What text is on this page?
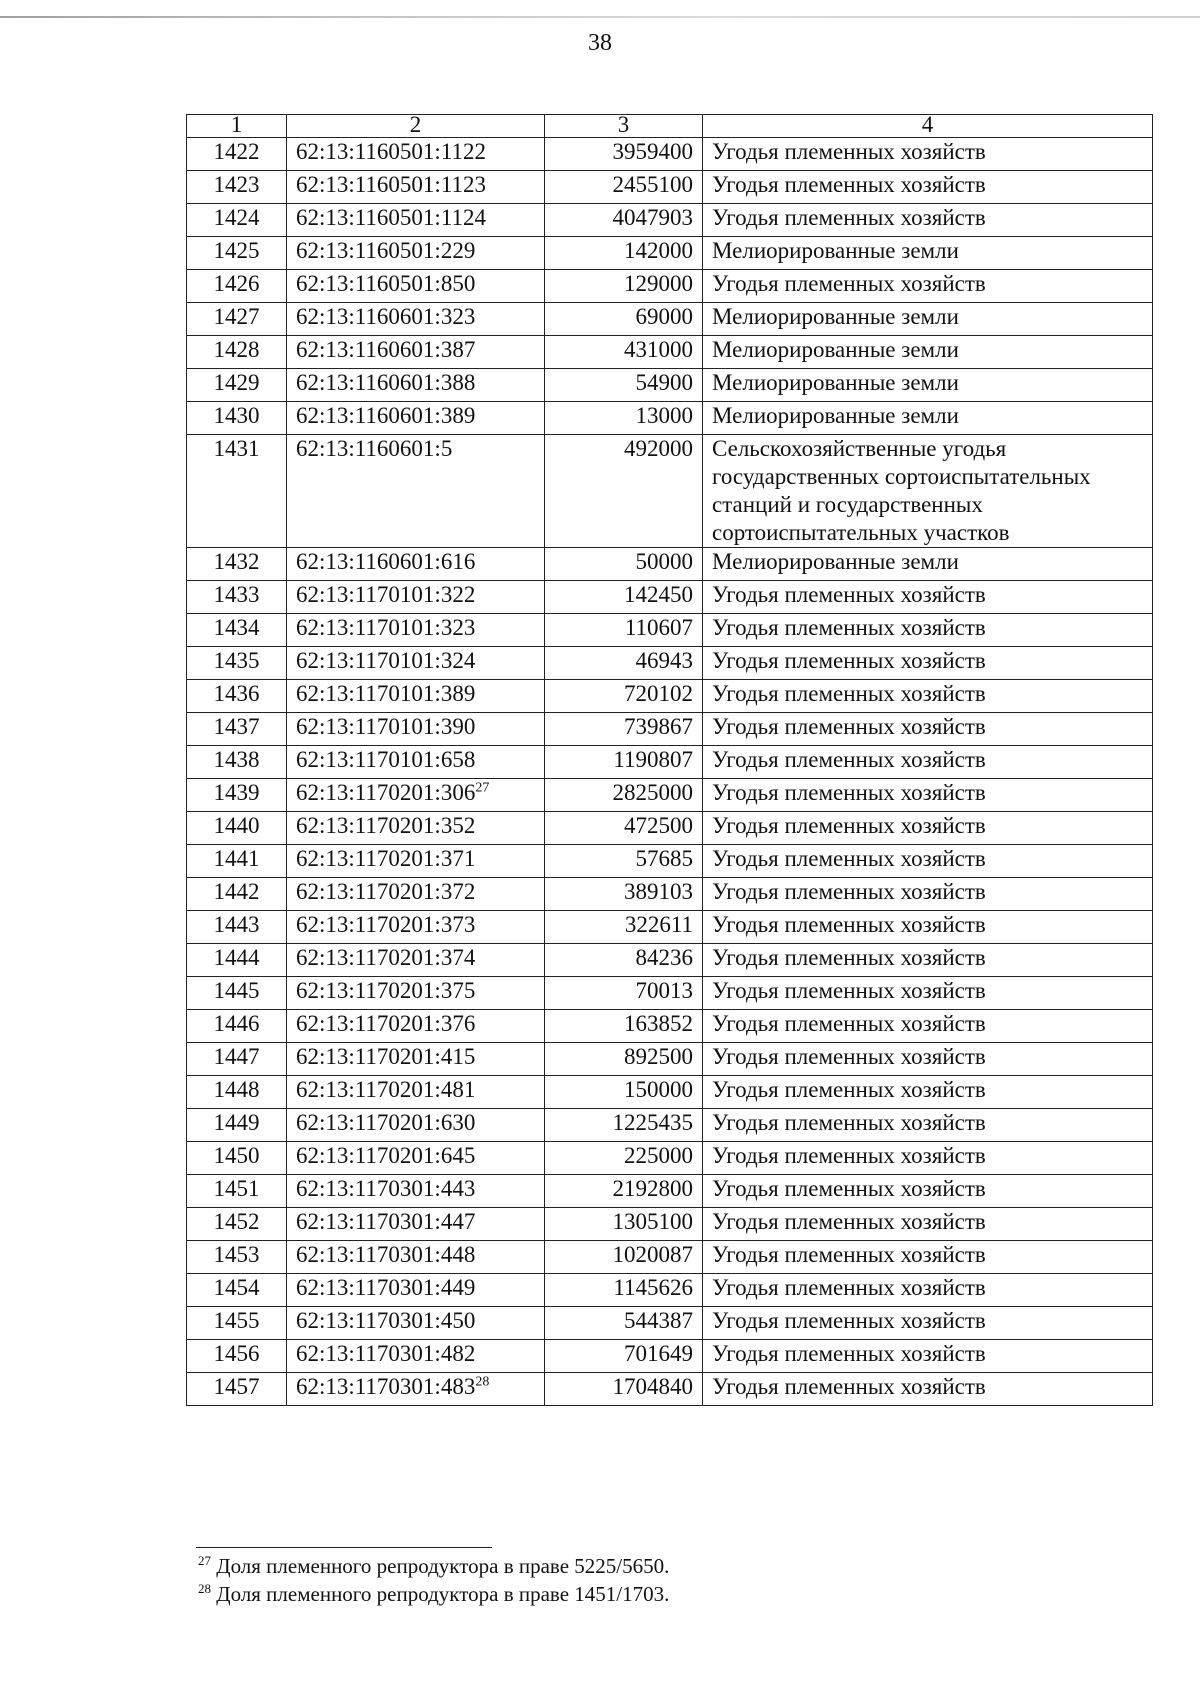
38
1	2	3	4
1422	62:13:1160501:1122	3959400	Угодья племенных хозяйств
1423	62:13:1160501:1123	2455100	Угодья племенных хозяйств
1424	62:13:1160501:1124	4047903	Угодья племенных хозяйств
1425	62:13:1160501:229	142000	Мелиорированные земли
1426	62:13:1160501:850	129000	Угодья племенных хозяйств
1427	62:13:1160601:323	69000	Мелиорированные земли
1428	62:13:1160601:387	431000	Мелиорированные земли
1429	62:13:1160601:388	54900	Мелиорированные земли
1430	62:13:1160601:389	13000	Мелиорированные земли
1431	62:13:1160601:5	492000	Сельскохозяйственные угодья государственных сортоиспытательных станций и государственных сортоиспытательных участков
1432	62:13:1160601:616	50000	Мелиорированные земли
1433	62:13:1170101:322	142450	Угодья племенных хозяйств
1434	62:13:1170101:323	110607	Угодья племенных хозяйств
1435	62:13:1170101:324	46943	Угодья племенных хозяйств
1436	62:13:1170101:389	720102	Угодья племенных хозяйств
1437	62:13:1170101:390	739867	Угодья племенных хозяйств
1438	62:13:1170101:658	1190807	Угодья племенных хозяйств
1439	$62:13:1170201:306^{27}$	2825000	Угодья племенных хозяйств
1440	62:13:1170201:352	472500	Угодья племенных хозяйств
1441	62:13:1170201:371	57685	Угодья племенных хозяйств
1442	62:13:1170201:372	389103	Угодья племенных хозяйств
1443	62:13:1170201:373	322611	Угодья племенных хозяйств
1444	62:13:1170201:374	84236	Угодья племенных хозяйств
1445	62:13:1170201:375	70013	Угодья племенных хозяйств
1446	62:13:1170201:376	163852	Угодья племенных хозяйств
1447	62:13:1170201:415	892500	Угодья племенных хозяйств
1448	62:13:1170201:481	150000	Угодья племенных хозяйств
1449	62:13:1170201:630	1225435	Угодья племенных хозяйств
1450	62:13:1170201:645	225000	Угодья племенных хозяйств
1451	62:13:1170301:443	2192800	Угодья племенных хозяйств
1452	62:13:1170301:447	1305100	Угодья племенных хозяйств
1453	62:13:1170301:448	1020087	Угодья племенных хозяйств
1454	62:13:1170301:449	1145626	Угодья племенных хозяйств
1455	62:13:1170301:450	544387	Угодья племенных хозяйств
1456	62:13:1170301:482	701649	Угодья племенных хозяйств
1457	$62:13:1170301:483^{28}$	1704840	Угодья племенных хозяйств
$^{27}$ Доля племенного репродуктора в праве 5225/5650.
$^{28}$ Доля племенного репродуктора в праве 1451/1703.
